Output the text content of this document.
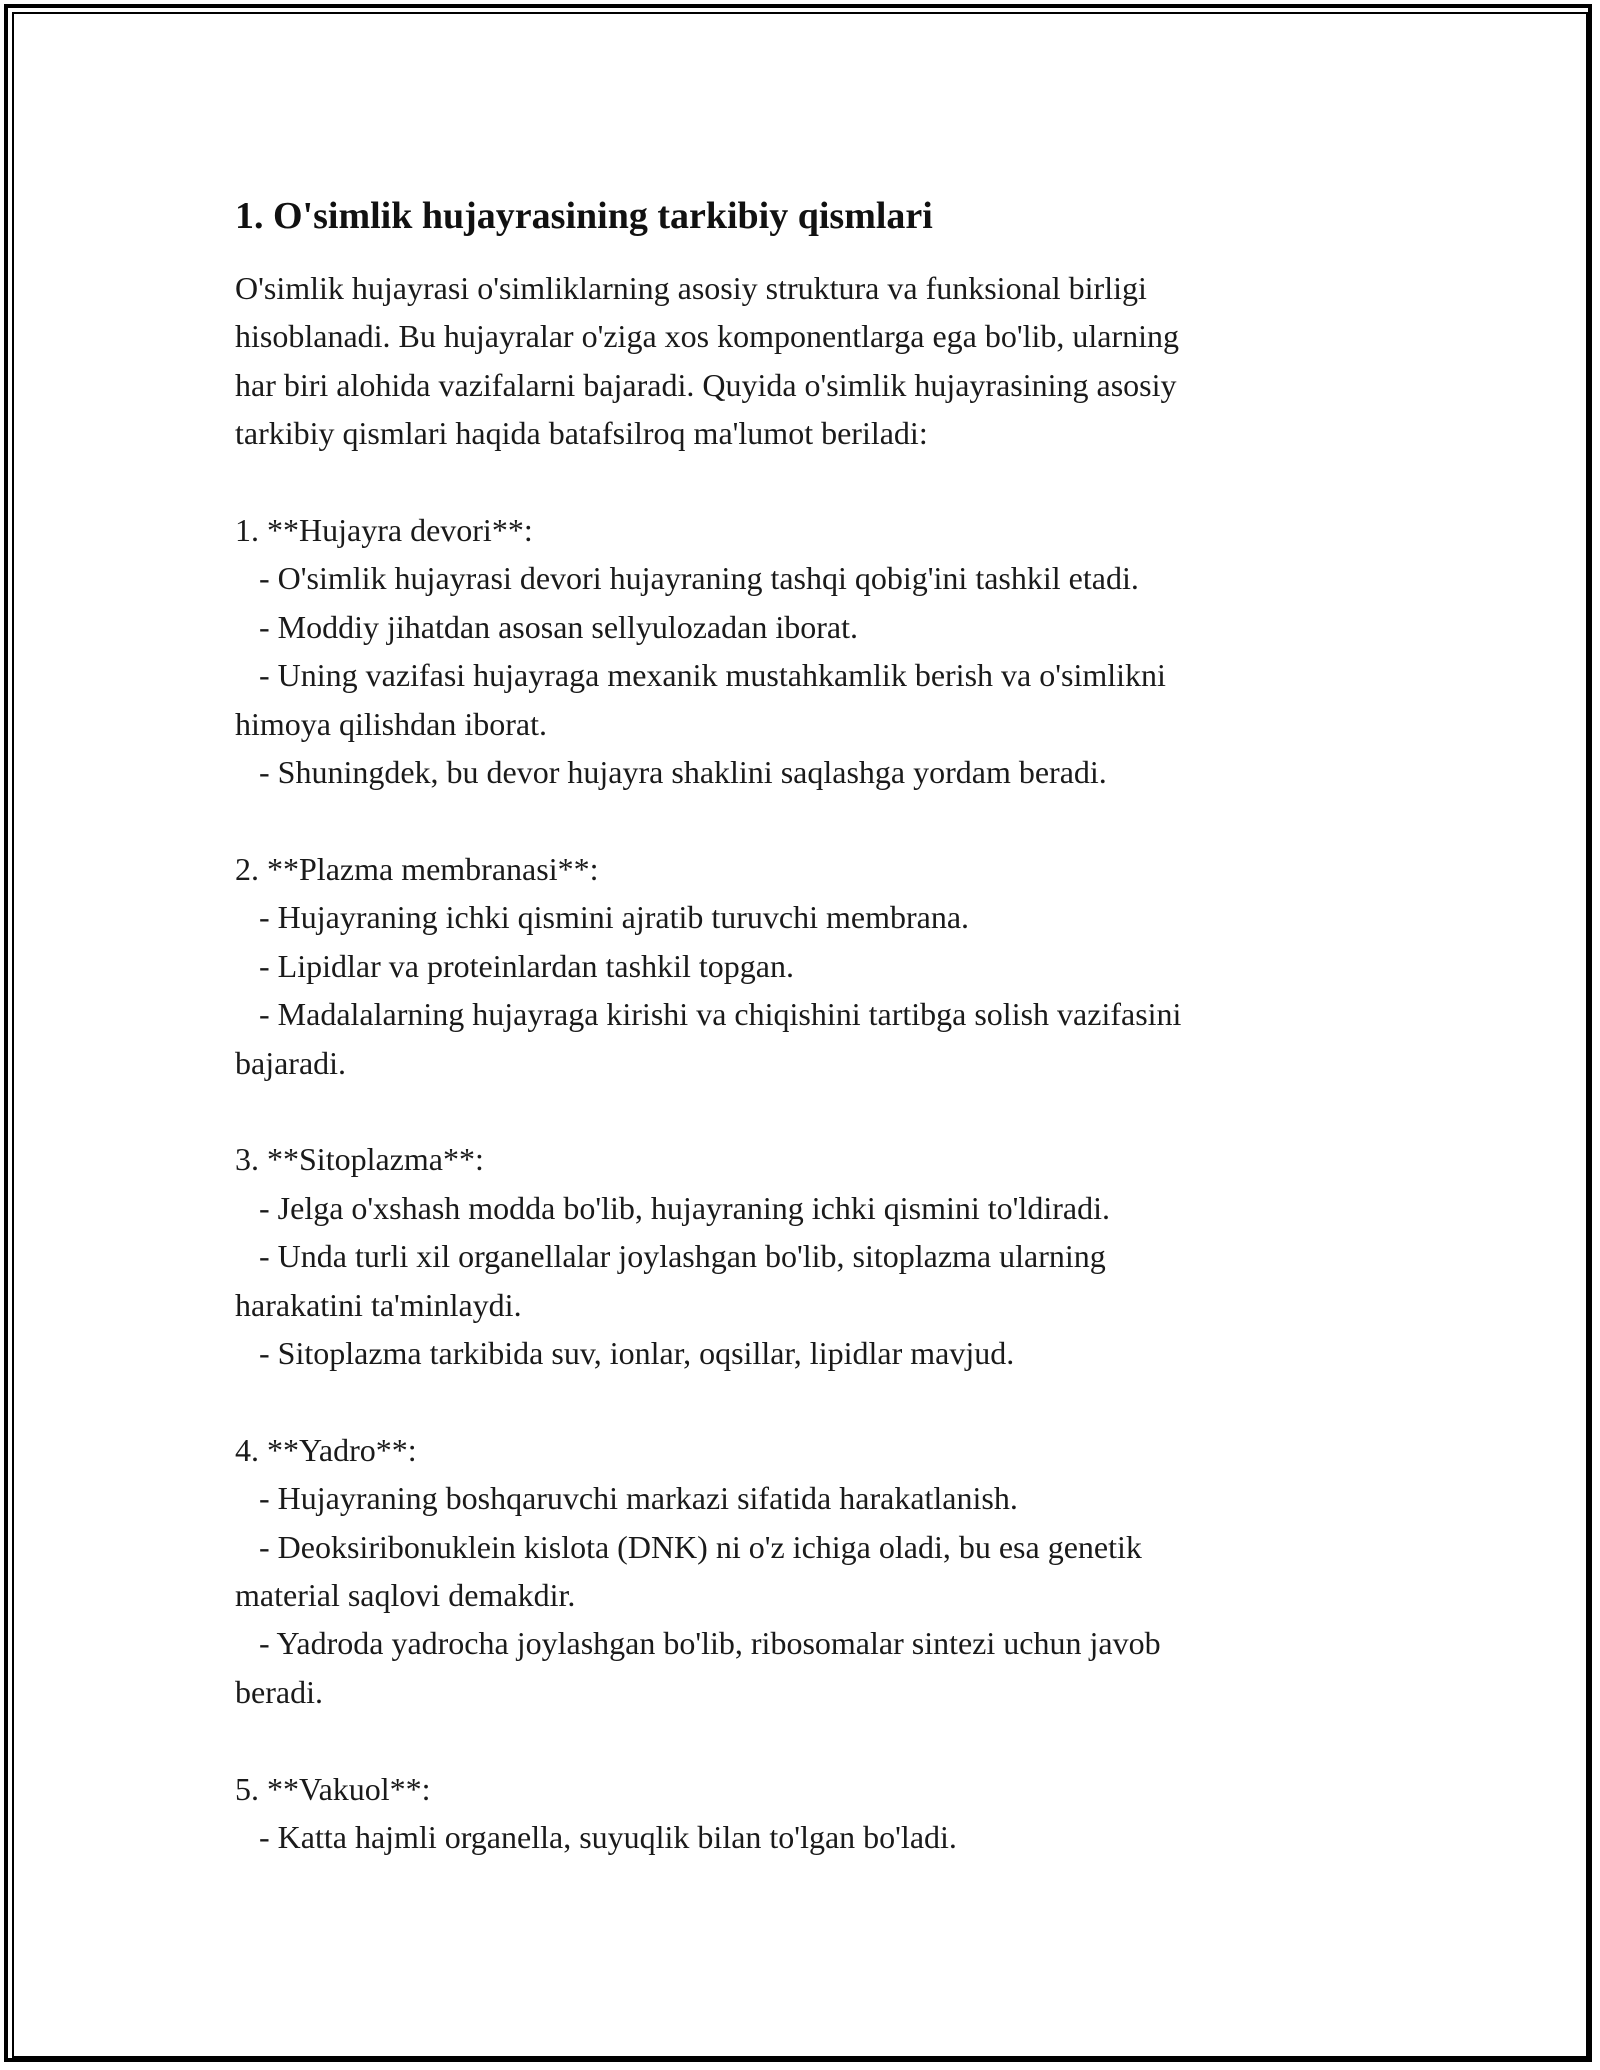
1. O'simlik hujayrasining tarkibiy qismlari

O'simlik hujayrasi o'simliklarning asosiy struktura va funksional birligi
hisoblanadi. Bu hujayralar o'ziga xos komponentlarga ega bo'lib, ularning
har biri alohida vazifalarni bajaradi. Quyida o'simlik hujayrasining asosiy
tarkibiy qismlari haqida batafsilroq ma'lumot beriladi:

1. **Hujayra devori**:
- O'simlik hujayrasi devori hujayraning tashqi qobig'ini tashkil etadi.
- Moddiy jihatdan asosan sellyulozadan iborat.
- Uning vazifasi hujayraga mexanik mustahkamlik berish va o'simlikni
himoya qilishdan iborat.
- Shuningdek, bu devor hujayra shaklini saqlashga yordam beradi.

2. **Plazma membranasi**:
- Hujayraning ichki qismini ajratib turuvchi membrana.
- Lipidlar va proteinlardan tashkil topgan.
- Madalalarning hujayraga kirishi va chiqishini tartibga solish vazifasini
bajaradi.

3. **Sitoplazma**:
- Jelga o'xshash modda bo'lib, hujayraning ichki qismini to'ldiradi.
- Unda turli xil organellalar joylashgan bo'lib, sitoplazma ularning
harakatini ta'minlaydi.
- Sitoplazma tarkibida suv, ionlar, oqsillar, lipidlar mavjud.

4. **Yadro**:
- Hujayraning boshqaruvchi markazi sifatida harakatlanish.
- Deoksiribonuklein kislota (DNK) ni o'z ichiga oladi, bu esa genetik
material saqlovi demakdir.
- Yadroda yadrocha joylashgan bo'lib, ribosomalar sintezi uchun javob
beradi.

5. **Vakuol**:
- Katta hajmli organella, suyuqlik bilan to'lgan bo'ladi.
